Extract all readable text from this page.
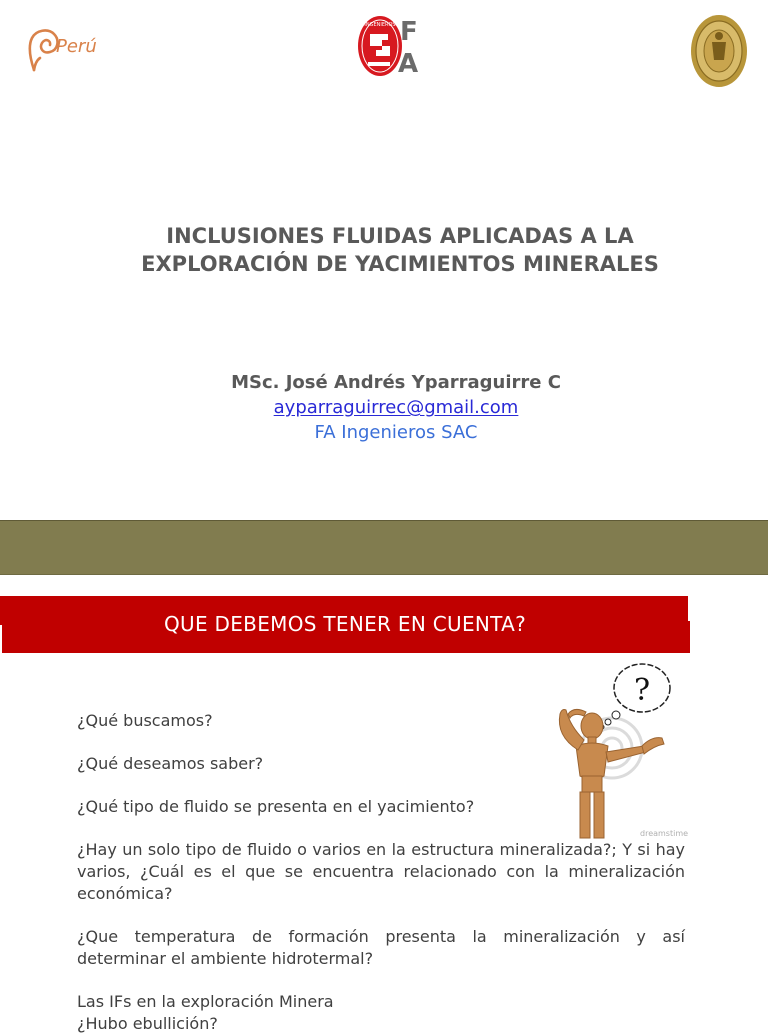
Perú
INGENIEROS F
A
INCLUSIONES FLUIDAS APLICADAS A LA
EXPLORACIÓN DE YACIMIENTOS MINERALES
MSc. José Andrés Yparraguirre C
ayparraguirrec@gmail.com
FA Ingenieros SAC
QUE DEBEMOS TENER EN CUENTA?

¿Qué buscamos?

¿Qué deseamos saber?

¿Qué tipo de fluido se presenta en el yacimiento?

¿Hay un solo tipo de fluido o varios en la estructura mineralizada?; Y si hay varios, ¿Cuál es el que se encuentra relacionado con la mineralización económica?

¿Que temperatura de formación presenta la mineralización y así determinar el ambiente hidrotermal?

Las IFs en la exploración Minera

¿Hubo ebullición?

?
dreamstime
